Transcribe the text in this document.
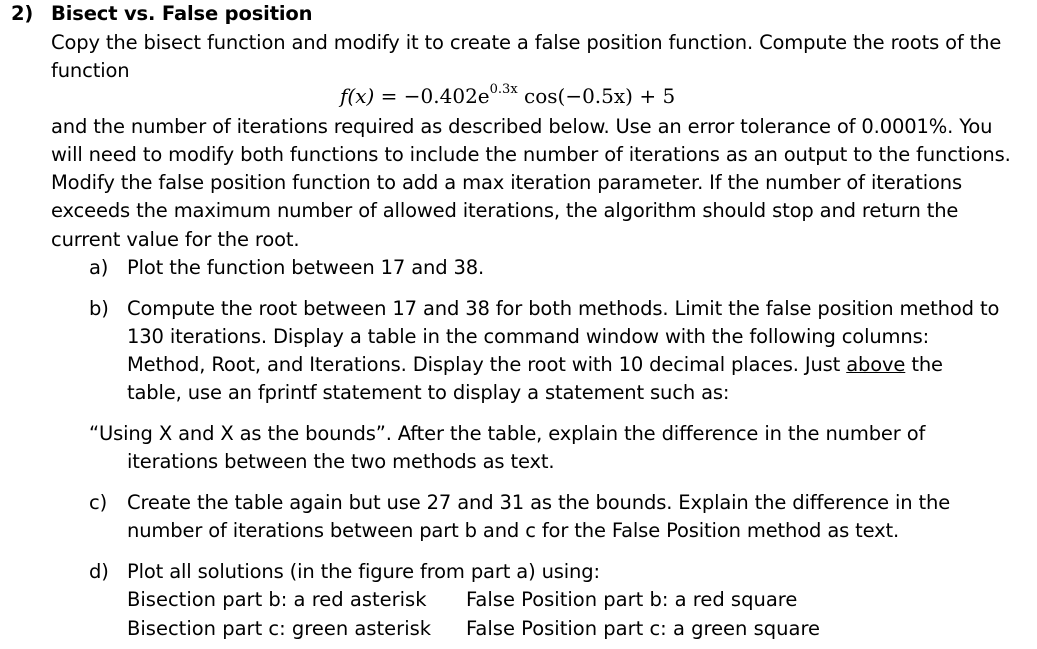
2) Bisect vs. False position
Copy the bisect function and modify it to create a false position function. Compute the roots of the
function
$f(x) = -0.402e^{0.3x}$ cos(−0.5x) + 5
and the number of iterations required as described below. Use an error tolerance of 0.0001%. You
will need to modify both functions to include the number of iterations as an output to the functions.
Modify the false position function to add a max iteration parameter. If the number of iterations
exceeds the maximum number of allowed iterations, the algorithm should stop and return the
current value for the root.
a) Plot the function between 17 and 38.
b) Compute the root between 17 and 38 for both methods. Limit the false position method to
130 iterations. Display a table in the command window with the following columns:
Method, Root, and Iterations. Display the root with 10 decimal places. Just above the
table, use an fprintf statement to display a statement such as:
“Using X and X as the bounds”. After the table, explain the difference in the number of
iterations between the two methods as text.
c) Create the table again but use 27 and 31 as the bounds. Explain the difference in the
number of iterations between part b and c for the False Position method as text.
d) Plot all solutions (in the figure from part a) using:
Bisection part b: a red asterisk False Position part b: a red square
Bisection part c: green asterisk False Position part c: a green square
